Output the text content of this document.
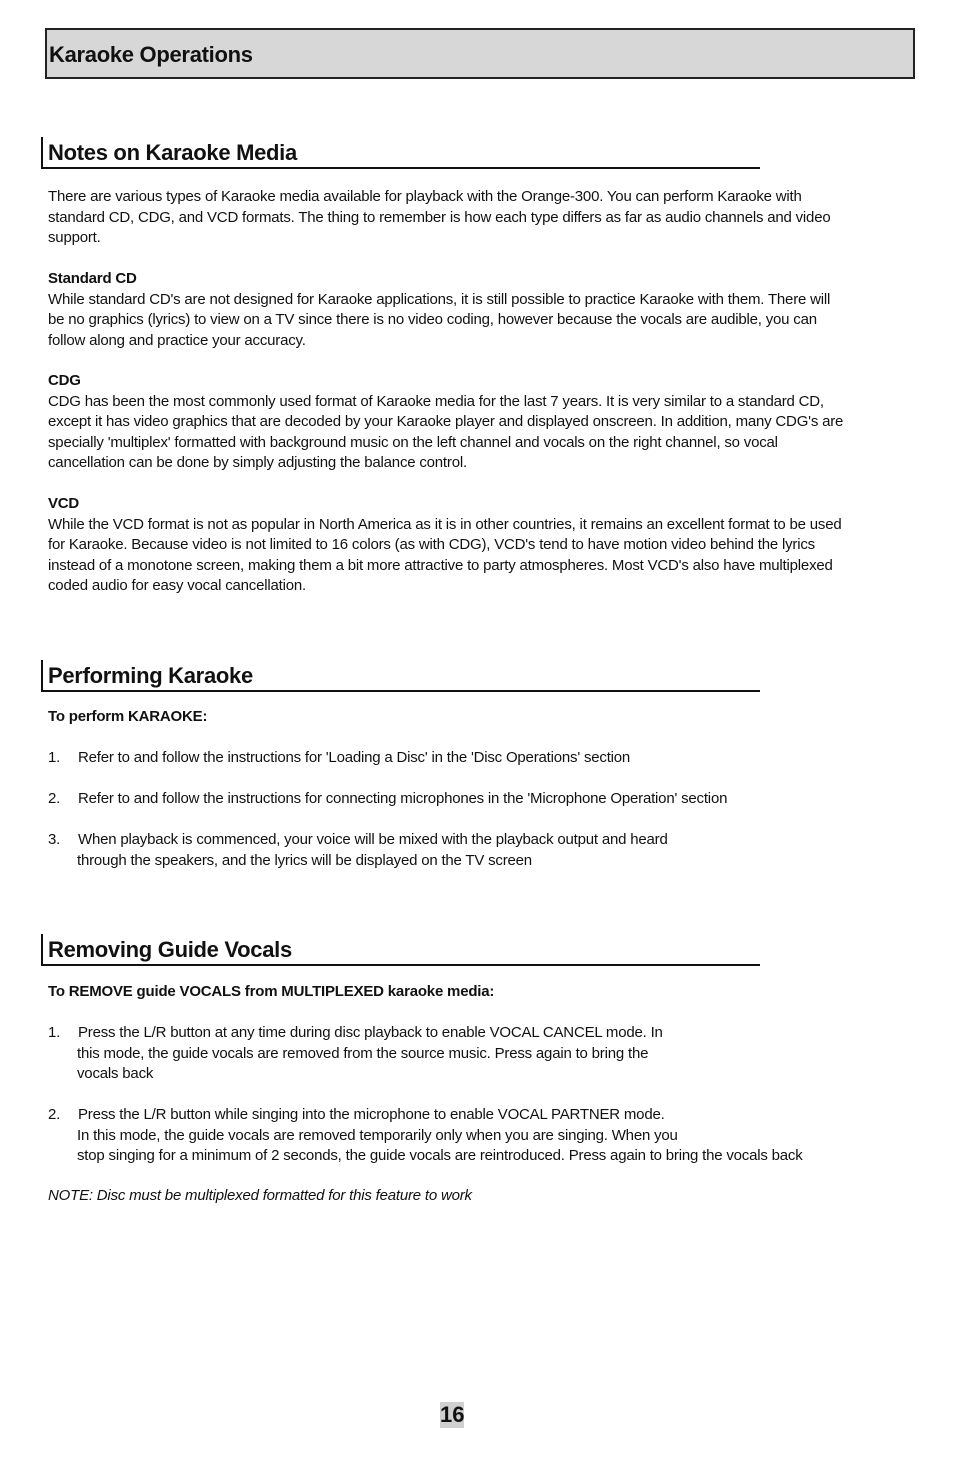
Karaoke Operations
Notes on Karaoke Media
There are various types of Karaoke media available for playback with the Orange-300. You can perform Karaoke with
standard CD, CDG, and VCD formats. The thing to remember is how each type differs as far as audio channels and video
support.
Standard CD
While standard CD's are not designed for Karaoke applications, it is still possible to practice Karaoke with them. There will
be no graphics (lyrics) to view on a TV since there is no video coding, however because the vocals are audible, you can
follow along and practice your accuracy.
CDG
CDG has been the most commonly used format of Karaoke media for the last 7 years. It is very similar to a standard CD,
except it has video graphics that are decoded by your Karaoke player and displayed onscreen. In addition, many CDG's are
specially 'multiplex' formatted with background music on the left channel and vocals on the right channel, so vocal
cancellation can be done by simply adjusting the balance control.
VCD
While the VCD format is not as popular in North America as it is in other countries, it remains an excellent format to be used
for Karaoke. Because video is not limited to 16 colors (as with CDG), VCD's tend to have motion video behind the lyrics
instead of a monotone screen, making them a bit more attractive to party atmospheres. Most VCD's also have multiplexed
coded audio for easy vocal cancellation.
Performing Karaoke
To perform KARAOKE:
1. Refer to and follow the instructions for 'Loading a Disc' in the 'Disc Operations' section
2. Refer to and follow the instructions for connecting microphones in the 'Microphone Operation' section
3. When playback is commenced, your voice will be mixed with the playback output and heard
through the speakers, and the lyrics will be displayed on the TV screen
Removing Guide Vocals
To REMOVE guide VOCALS from MULTIPLEXED karaoke media:
1. Press the L/R button at any time during disc playback to enable VOCAL CANCEL mode. In
this mode, the guide vocals are removed from the source music. Press again to bring the
vocals back
2. Press the L/R button while singing into the microphone to enable VOCAL PARTNER mode.
In this mode, the guide vocals are removed temporarily only when you are singing. When you
stop singing for a minimum of 2 seconds, the guide vocals are reintroduced. Press again to bring the vocals back
NOTE: Disc must be multiplexed formatted for this feature to work
16
